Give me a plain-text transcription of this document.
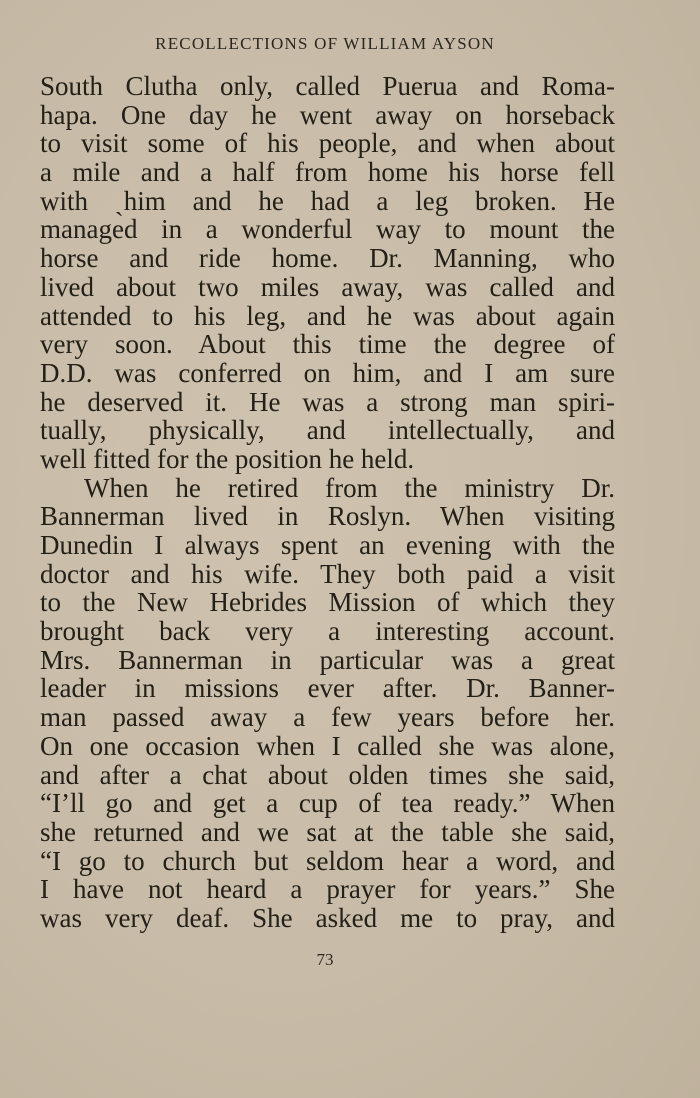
RECOLLECTIONS OF WILLIAM AYSON
South Clutha only, called Puerua and Roma-
hapa. One day he went away on horseback
to visit some of his people, and when about
a mile and a half from home his horse fell
with ˎhim and he had a leg broken. He
managed in a wonderful way to mount the
horse and ride home. Dr. Manning, who
lived about two miles away, was called and
attended to his leg, and he was about again
very soon. About this time the degree of
D.D. was conferred on him, and I am sure
he deserved it. He was a strong man spiri-
tually, physically, and intellectually, and
well fitted for the position he held.
When he retired from the ministry Dr.
Bannerman lived in Roslyn. When visiting
Dunedin I always spent an evening with the
doctor and his wife. They both paid a visit
to the New Hebrides Mission of which they
brought back very a interesting account.
Mrs. Bannerman in particular was a great
leader in missions ever after. Dr. Banner-
man passed away a few years before her.
On one occasion when I called she was alone,
and after a chat about olden times she said,
“I’ll go and get a cup of tea ready.” When
she returned and we sat at the table she said,
“I go to church but seldom hear a word, and
I have not heard a prayer for years.” She
was very deaf. She asked me to pray, and
73
